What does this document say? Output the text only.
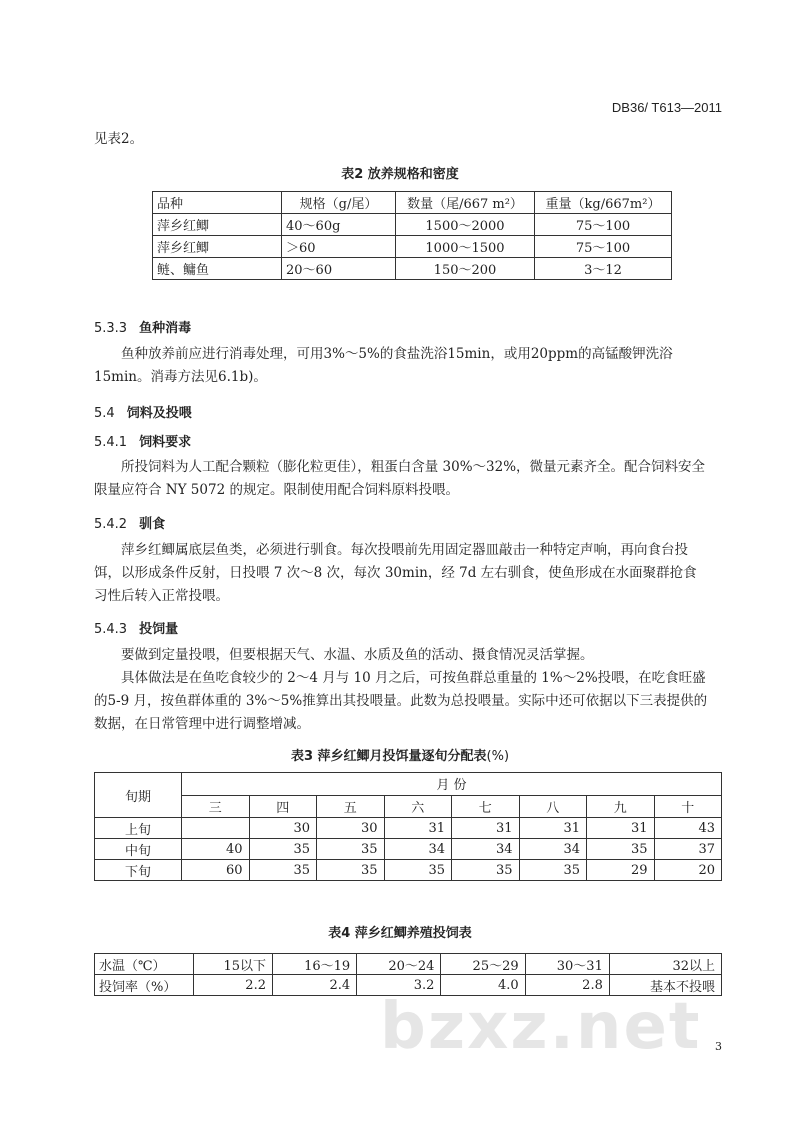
DB36/ T613—2011
见表2。
表2 放养规格和密度
品种	规格（g/尾）	数量（尾/667 m²）	重量（kg/667m²）
萍乡红鲫	40～60g	1500～2000	75～100
萍乡红鲫	＞60	1000～1500	75～100
鲢、鳙鱼	20～60	150～200	3～12
5.3.3 鱼种消毒
鱼种放养前应进行消毒处理，可用3%～5%的食盐洗浴15min，或用20ppm的高锰酸钾洗浴15min。消毒方法见6.1b)。
5.4 饲料及投喂
5.4.1 饲料要求
所投饲料为人工配合颗粒（膨化粒更佳），粗蛋白含量 30%～32%，微量元素齐全。配合饲料安全限量应符合 NY 5072 的规定。限制使用配合饲料原料投喂。
5.4.2 驯食
萍乡红鲫属底层鱼类，必须进行驯食。每次投喂前先用固定器皿敲击一种特定声响，再向食台投饵，以形成条件反射，日投喂 7 次～8 次，每次 30min，经 7d 左右驯食，使鱼形成在水面聚群抢食习性后转入正常投喂。
5.4.3 投饲量
要做到定量投喂，但要根据天气、水温、水质及鱼的活动、摄食情况灵活掌握。
具体做法是在鱼吃食较少的 2～4 月与 10 月之后，可按鱼群总重量的 1%～2%投喂，在吃食旺盛的5-9 月，按鱼群体重的 3%～5%推算出其投喂量。此数为总投喂量。实际中还可依据以下三表提供的数据，在日常管理中进行调整增减。
表3 萍乡红鲫月投饵量逐旬分配表(%)
旬期	月 份							
	三	四	五	六	七	八	九	十
上旬		30	30	31	31	31	31	43
中旬	40	35	35	34	34	34	35	37
下旬	60	35	35	35	35	35	29	20
表4 萍乡红鲫养殖投饲表
水温（℃）	15以下	16～19	20～24	25～29	30～31	32以上
投饲率（%）	2.2	2.4	3.2	4.0	2.8	基本不投喂
bzxz.net 3
